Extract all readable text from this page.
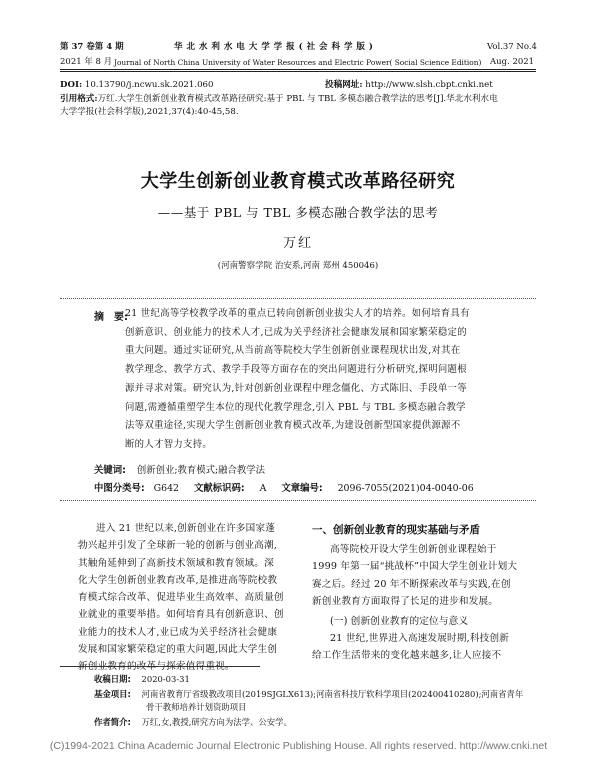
第 37 卷第 4 期	华 北 水 利 水 电 大 学 学 报 ( 社 会 科 学 版 )	Vol.37 No.4
2021 年 8 月 Journal of North China University of Water Resources and Electric Power( Social Science Edition) Aug. 2021
DOI: 10.13790/j.ncwu.sk.2021.060	投稿网址: http://www.slsh.cbpt.cnki.net
引用格式:万红.大学生创新创业教育模式改革路径研究:基于 PBL 与 TBL 多模态融合教学法的思考[J].华北水利水电
大学学报(社会科学版),2021,37(4):40-45,58.
大学生创新创业教育模式改革路径研究
——基于 PBL 与 TBL 多模态融合教学法的思考
万红
(河南警察学院 治安系,河南 郑州 450046)
摘　要:
21 世纪高等学校教学改革的重点已转向创新创业拔尖人才的培养。如何培育具有
创新意识、创业能力的技术人才,已成为关乎经济社会健康发展和国家繁荣稳定的
重大问题。通过实证研究,从当前高等院校大学生创新创业课程现状出发,对其在
教学理念、教学方式、教学手段等方面存在的突出问题进行分析研究,探明问题根
源并寻求对策。研究认为,针对创新创业课程中理念僵化、方式陈旧、手段单一等
问题,需遵循重塑学生本位的现代化教学理念,引入 PBL 与 TBL 多模态融合教学
法等双重途径,实现大学生创新创业教育模式改革,为建设创新型国家提供源源不
断的人才智力支持。
关键词: 创新创业;教育模式;融合教学法
中图分类号: G642 文献标识码: A 文章编号: 2096-7055(2021)04-0040-06
进入 21 世纪以来,创新创业在许多国家蓬
勃兴起并引发了全球新一轮的创新与创业高潮,
其触角延伸到了高新技术领域和教育领域。深
化大学生创新创业教育改革,是推进高等院校教
育模式综合改革、促进毕业生高效率、高质量创
业就业的重要举措。如何培育具有创新意识、创
业能力的技术人才,业已成为关乎经济社会健康
发展和国家繁荣稳定的重大问题,因此大学生创
新创业教育的改革与探索值得重视。
一、创新创业教育的现实基础与矛盾
高等院校开设大学生创新创业课程始于
1999 年第一届“挑战杯”中国大学生创业计划大
赛之后。经过 20 年不断探索改革与实践,在创
新创业教育方面取得了长足的进步和发展。
(一) 创新创业教育的定位与意义
21 世纪,世界进入高速发展时期,科技创新
给工作生活带来的变化越来越多,让人应接不
收稿日期: 2020-03-31
基金项目: 河南省教育厅省级教改项目(2019SJGLX613);河南省科技厅软科学项目(202400410280);河南省青年
骨干教师培养计划资助项目
作者简介: 万红,女,教授,研究方向为法学、公安学。
(C)1994-2021 China Academic Journal Electronic Publishing House. All rights reserved. http://www.cnki.net
